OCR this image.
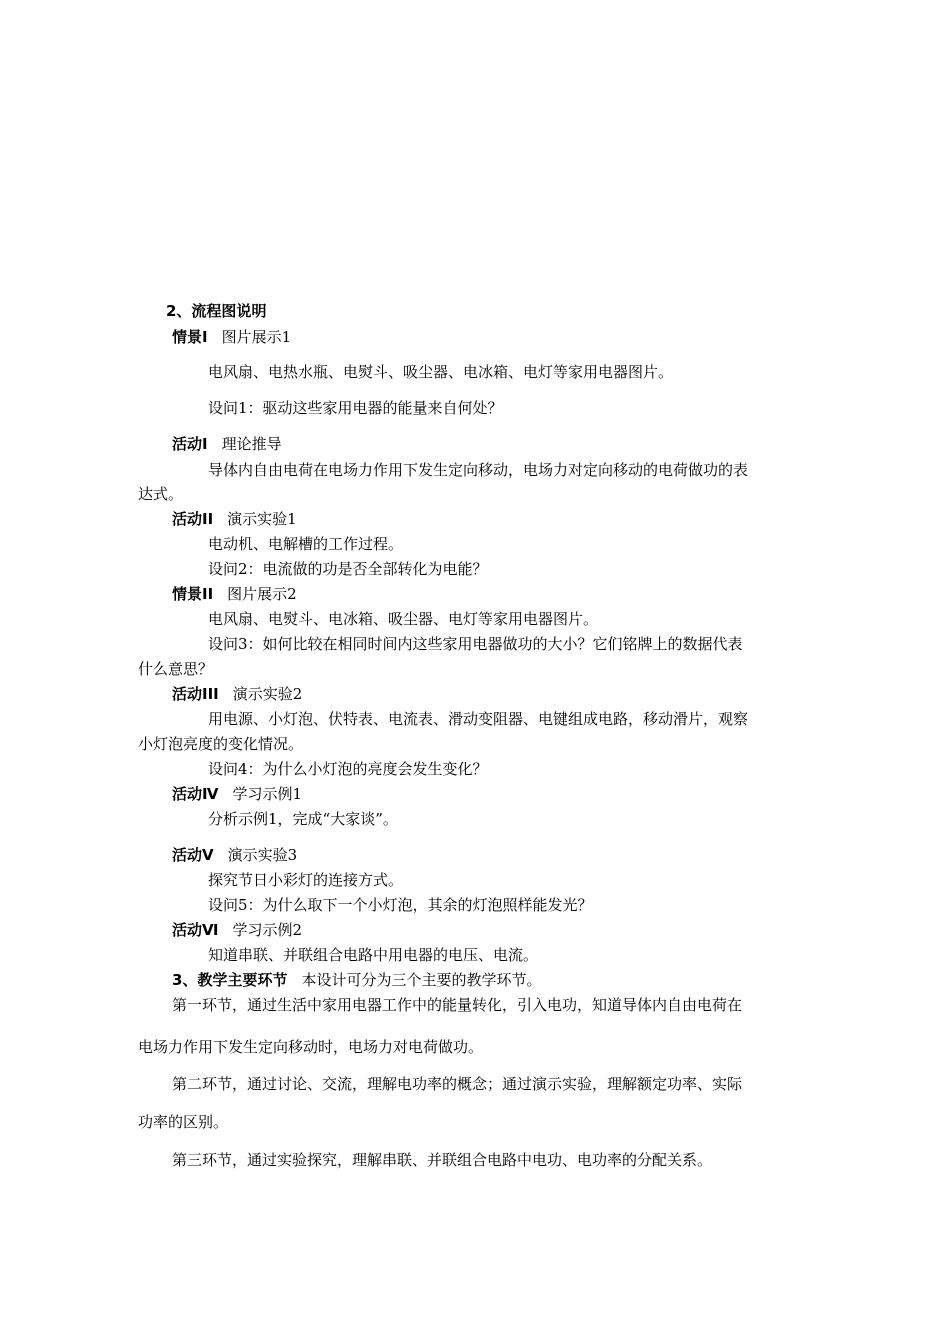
2、流程图说明

情景Ⅰ 图片展示1

电风扇、电热水瓶、电熨斗、吸尘器、电冰箱、电灯等家用电器图片。

设问1：驱动这些家用电器的能量来自何处？

活动Ⅰ 理论推导

导体内自由电荷在电场力作用下发生定向移动，电场力对定向移动的电荷做功的表

达式。

活动II 演示实验1

电动机、电解槽的工作过程。

设问2：电流做的功是否全部转化为电能？

情景II 图片展示2

电风扇、电熨斗、电冰箱、吸尘器、电灯等家用电器图片。

设问3：如何比较在相同时间内这些家用电器做功的大小？它们铭牌上的数据代表

什么意思？

活动III 演示实验2

用电源、小灯泡、伏特表、电流表、滑动变阻器、电键组成电路，移动滑片，观察

小灯泡亮度的变化情况。

设问4：为什么小灯泡的亮度会发生变化？

活动Ⅳ 学习示例1

分析示例1，完成“大家谈”。

活动Ⅴ 演示实验3

探究节日小彩灯的连接方式。

设问5：为什么取下一个小灯泡，其余的灯泡照样能发光？

活动Ⅵ 学习示例2

知道串联、并联组合电路中用电器的电压、电流。

3、教学主要环节 本设计可分为三个主要的教学环节。

第一环节，通过生活中家用电器工作中的能量转化，引入电功，知道导体内自由电荷在

电场力作用下发生定向移动时，电场力对电荷做功。

第二环节，通过讨论、交流，理解电功率的概念；通过演示实验，理解额定功率、实际

功率的区别。

第三环节，通过实验探究，理解串联、并联组合电路中电功、电功率的分配关系。
